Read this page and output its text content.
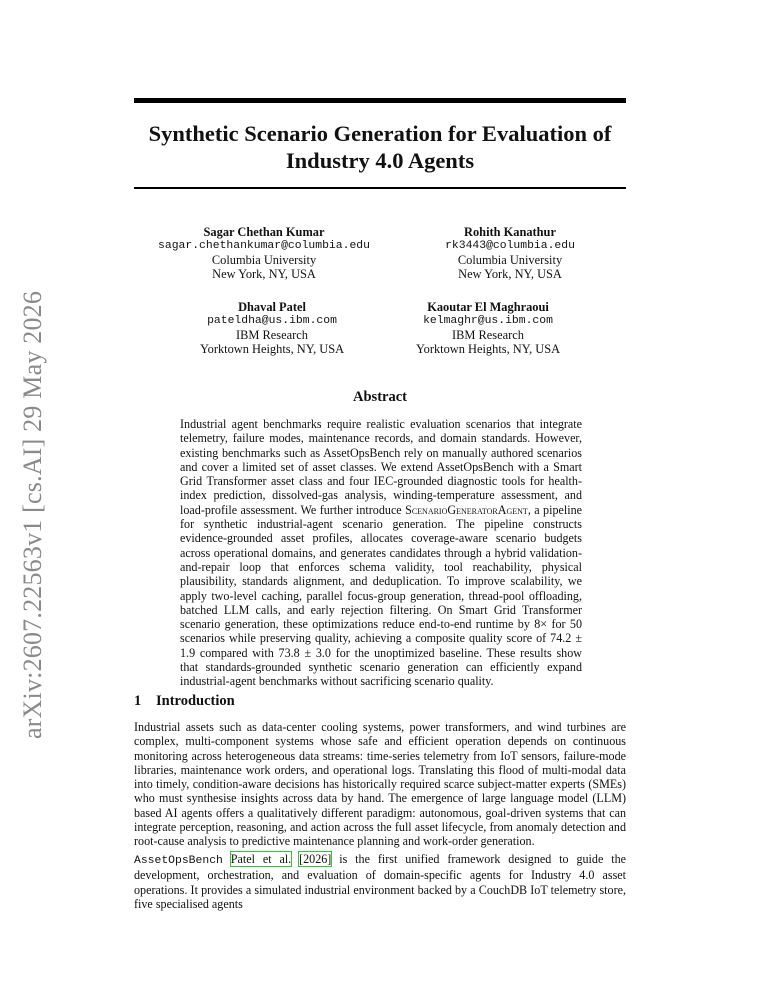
arXiv:2607.22563v1 [cs.AI] 29 May 2026
Synthetic Scenario Generation for Evaluation of
Industry 4.0 Agents
Sagar Chethan Kumar
sagar.chethankumar@columbia.edu
Columbia University
New York, NY, USA
Rohith Kanathur
rk3443@columbia.edu
Columbia University
New York, NY, USA
Dhaval Patel
pateldha@us.ibm.com
IBM Research
Yorktown Heights, NY, USA
Kaoutar El Maghraoui
kelmaghr@us.ibm.com
IBM Research
Yorktown Heights, NY, USA
Abstract
Industrial agent benchmarks require realistic evaluation scenarios that integrate telemetry, failure modes, maintenance records, and domain standards. However, existing benchmarks such as AssetOpsBench rely on manually authored scenarios and cover a limited set of asset classes. We extend AssetOpsBench with a Smart Grid Transformer asset class and four IEC-grounded diagnostic tools for health-index prediction, dissolved-gas analysis, winding-temperature assessment, and load-profile assessment. We further introduce ScenarioGeneratorAgent, a pipeline for synthetic industrial-agent scenario generation. The pipeline constructs evidence-grounded asset profiles, allocates coverage-aware scenario budgets across operational domains, and generates candidates through a hybrid validation-and-repair loop that enforces schema validity, tool reachability, physical plausibility, standards alignment, and deduplication. To improve scalability, we apply two-level caching, parallel focus-group generation, thread-pool offloading, batched LLM calls, and early rejection filtering. On Smart Grid Transformer scenario generation, these optimizations reduce end-to-end runtime by 8× for 50 scenarios while preserving quality, achieving a composite quality score of 74.2 ± 1.9 compared with 73.8 ± 3.0 for the unoptimized baseline. These results show that standards-grounded synthetic scenario generation can efficiently expand industrial-agent benchmarks without sacrificing scenario quality.
1 Introduction
Industrial assets such as data-center cooling systems, power transformers, and wind turbines are complex, multi-component systems whose safe and efficient operation depends on continuous monitoring across heterogeneous data streams: time-series telemetry from IoT sensors, failure-mode libraries, maintenance work orders, and operational logs. Translating this flood of multi-modal data into timely, condition-aware decisions has historically required scarce subject-matter experts (SMEs) who must synthesise insights across data by hand. The emergence of large language model (LLM) based AI agents offers a qualitatively different paradigm: autonomous, goal-driven systems that can integrate perception, reasoning, and action across the full asset lifecycle, from anomaly detection and root-cause analysis to predictive maintenance planning and work-order generation.
AssetOpsBench Patel et al. [2026] is the first unified framework designed to guide the development, orchestration, and evaluation of domain-specific agents for Industry 4.0 asset operations. It provides a simulated industrial environment backed by a CouchDB IoT telemetry store, five specialised agents
